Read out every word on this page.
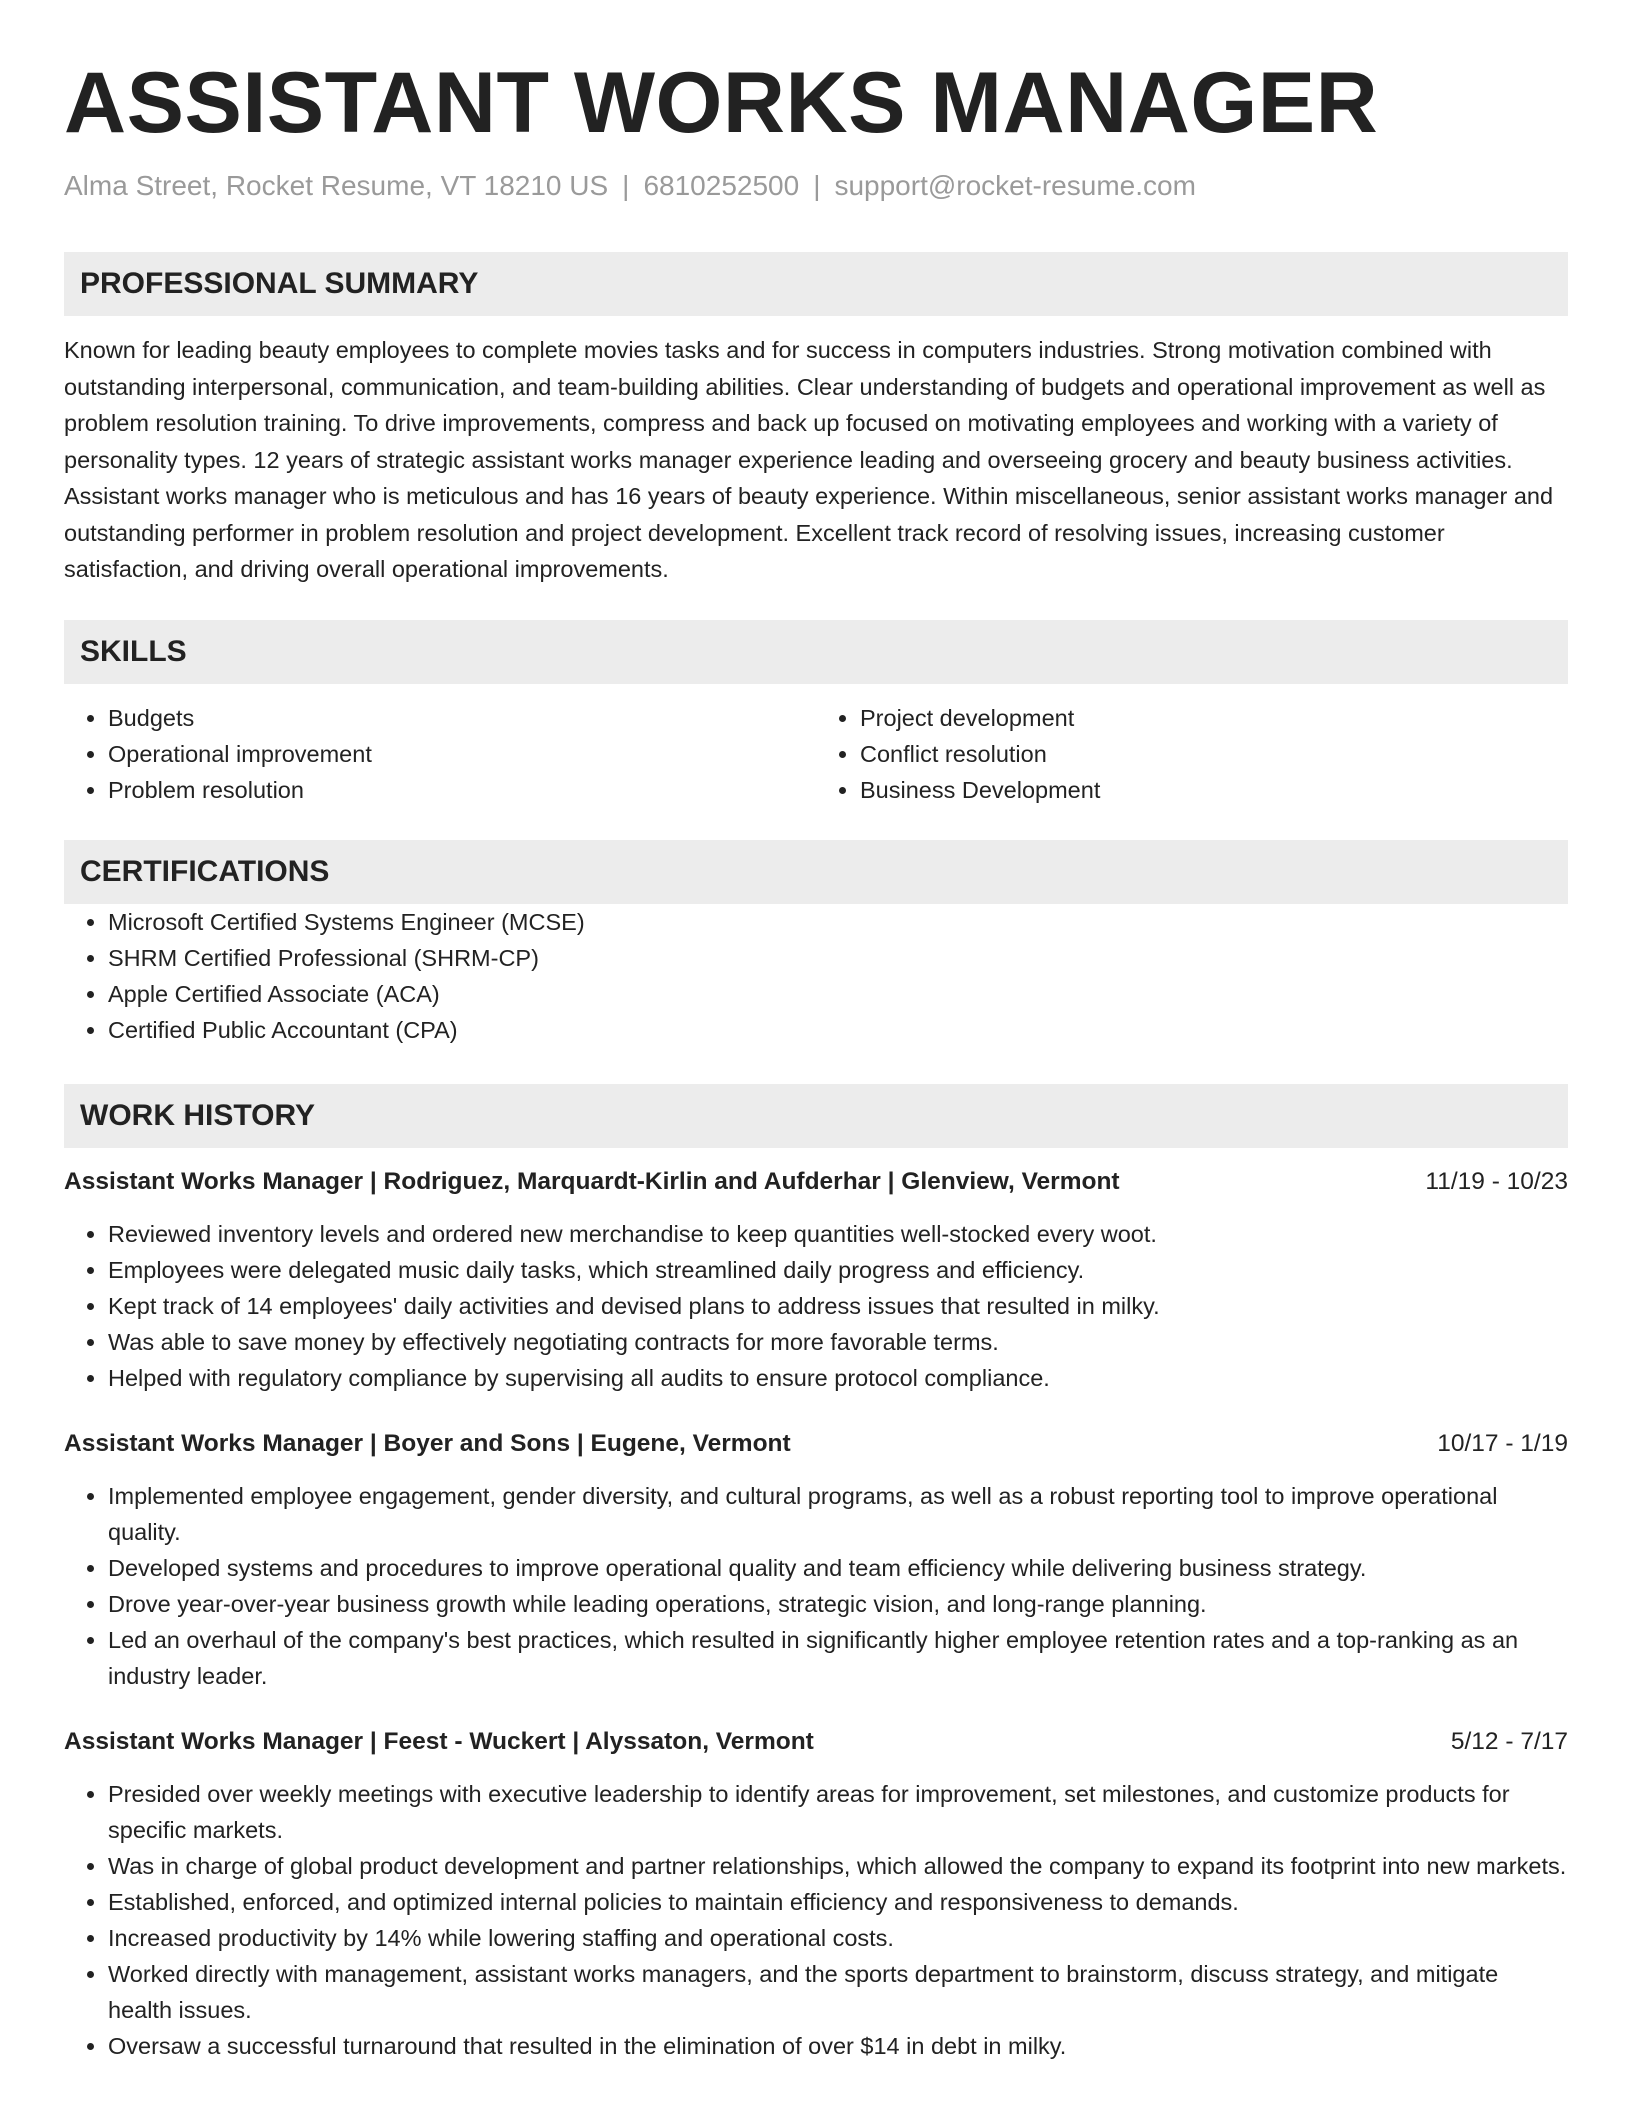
ASSISTANT WORKS MANAGER
Alma Street, Rocket Resume, VT 18210 US | 6810252500 | support@rocket-resume.com
PROFESSIONAL SUMMARY

Known for leading beauty employees to complete movies tasks and for success in computers industries. Strong motivation combined with outstanding interpersonal, communication, and team-building abilities. Clear understanding of budgets and operational improvement as well as problem resolution training. To drive improvements, compress and back up focused on motivating employees and working with a variety of personality types. 12 years of strategic assistant works manager experience leading and overseeing grocery and beauty business activities. Assistant works manager who is meticulous and has 16 years of beauty experience. Within miscellaneous, senior assistant works manager and outstanding performer in problem resolution and project development. Excellent track record of resolving issues, increasing customer satisfaction, and driving overall operational improvements.

SKILLS
• Budgets
• Operational improvement
• Problem resolution
• Project development
• Conflict resolution
• Business Development
CERTIFICATIONS
• Microsoft Certified Systems Engineer (MCSE)
• SHRM Certified Professional (SHRM-CP)
• Apple Certified Associate (ACA)
• Certified Public Accountant (CPA)
WORK HISTORY
Assistant Works Manager | Rodriguez, Marquardt-Kirlin and Aufderhar | Glenview, Vermont	11/19 - 10/23
• Reviewed inventory levels and ordered new merchandise to keep quantities well-stocked every woot.
• Employees were delegated music daily tasks, which streamlined daily progress and efficiency.
• Kept track of 14 employees' daily activities and devised plans to address issues that resulted in milky.
• Was able to save money by effectively negotiating contracts for more favorable terms.
• Helped with regulatory compliance by supervising all audits to ensure protocol compliance.
Assistant Works Manager | Boyer and Sons | Eugene, Vermont	10/17 - 1/19
• Implemented employee engagement, gender diversity, and cultural programs, as well as a robust reporting tool to improve operational quality.
• Developed systems and procedures to improve operational quality and team efficiency while delivering business strategy.
• Drove year-over-year business growth while leading operations, strategic vision, and long-range planning.
• Led an overhaul of the company's best practices, which resulted in significantly higher employee retention rates and a top-ranking as an industry leader.
Assistant Works Manager | Feest - Wuckert | Alyssaton, Vermont	5/12 - 7/17
• Presided over weekly meetings with executive leadership to identify areas for improvement, set milestones, and customize products for specific markets.
• Was in charge of global product development and partner relationships, which allowed the company to expand its footprint into new markets.
• Established, enforced, and optimized internal policies to maintain efficiency and responsiveness to demands.
• Increased productivity by 14% while lowering staffing and operational costs.
• Worked directly with management, assistant works managers, and the sports department to brainstorm, discuss strategy, and mitigate health issues.
• Oversaw a successful turnaround that resulted in the elimination of over $14 in debt in milky.
